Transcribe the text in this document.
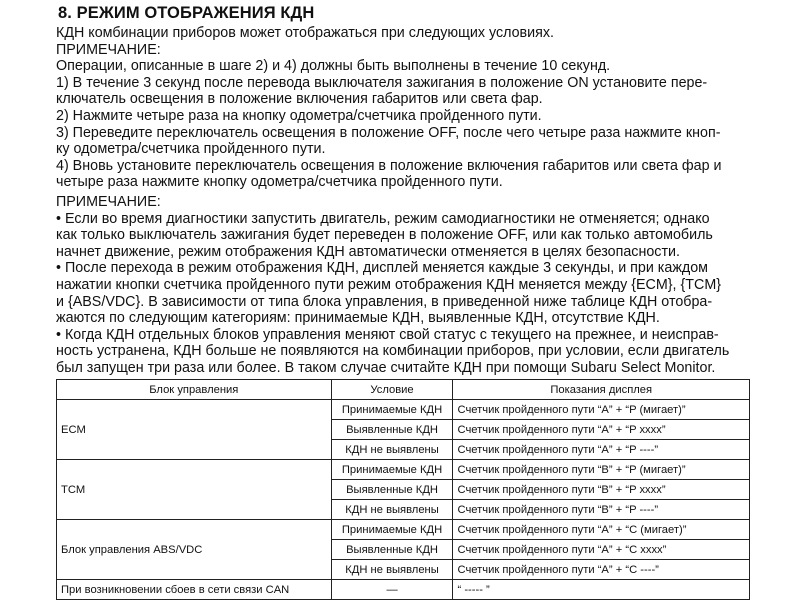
8. РЕЖИМ ОТОБРАЖЕНИЯ КДН

КДН комбинации приборов может отображаться при следующих условиях.

ПРИМЕЧАНИЕ:

Операции, описанные в шаге 2) и 4) должны быть выполнены в течение 10 секунд.

1) В течение 3 секунд после перевода выключателя зажигания в положение ON установите пере-

ключатель освещения в положение включения габаритов или света фар.

2) Нажмите четыре раза на кнопку одометра/счетчика пройденного пути.

3) Переведите переключатель освещения в положение OFF, после чего четыре раза нажмите кноп-

ку одометра/счетчика пройденного пути.

4) Вновь установите переключатель освещения в положение включения габаритов или света фар и

четыре раза нажмите кнопку одометра/счетчика пройденного пути.

ПРИМЕЧАНИЕ:

• Если во время диагностики запустить двигатель, режим самодиагностики не отменяется; однако

как только выключатель зажигания будет переведен в положение OFF, или как только автомобиль

начнет движение, режим отображения КДН автоматически отменяется в целях безопасности.

• После перехода в режим отображения КДН, дисплей меняется каждые 3 секунды, и при каждом

нажатии кнопки счетчика пройденного пути режим отображения КДН меняется между {ECM}, {TCM}

и {ABS/VDC}. В зависимости от типа блока управления, в приведенной ниже таблице КДН отобра-

жаются по следующим категориям: принимаемые КДН, выявленные КДН, отсутствие КДН.

• Когда КДН отдельных блоков управления меняют свой статус с текущего на прежнее, и неисправ-

ность устранена, КДН больше не появляются на комбинации приборов, при условии, если двигатель

был запущен три раза или более. В таком случае считайте КДН при помощи Subaru Select Monitor.

Блок управления	Условие	Показания дисплея
ECM	Принимаемые КДН	Счетчик пройденного пути “A” + “P (мигает)”
	Выявленные КДН	Счетчик пройденного пути “A” + “P xxxx”
	КДН не выявлены	Счетчик пройденного пути “A” + “P ----”
TCM	Принимаемые КДН	Счетчик пройденного пути “B” + “P (мигает)”
	Выявленные КДН	Счетчик пройденного пути “B” + “P xxxx”
	КДН не выявлены	Счетчик пройденного пути “B” + “P ----”
Блок управления ABS/VDC	Принимаемые КДН	Счетчик пройденного пути “A” + “C (мигает)”
	Выявленные КДН	Счетчик пройденного пути “A” + “C xxxx”
	КДН не выявлены	Счетчик пройденного пути “A” + “C ----”
При возникновении сбоев в сети связи CAN	—	“ ----- ”
